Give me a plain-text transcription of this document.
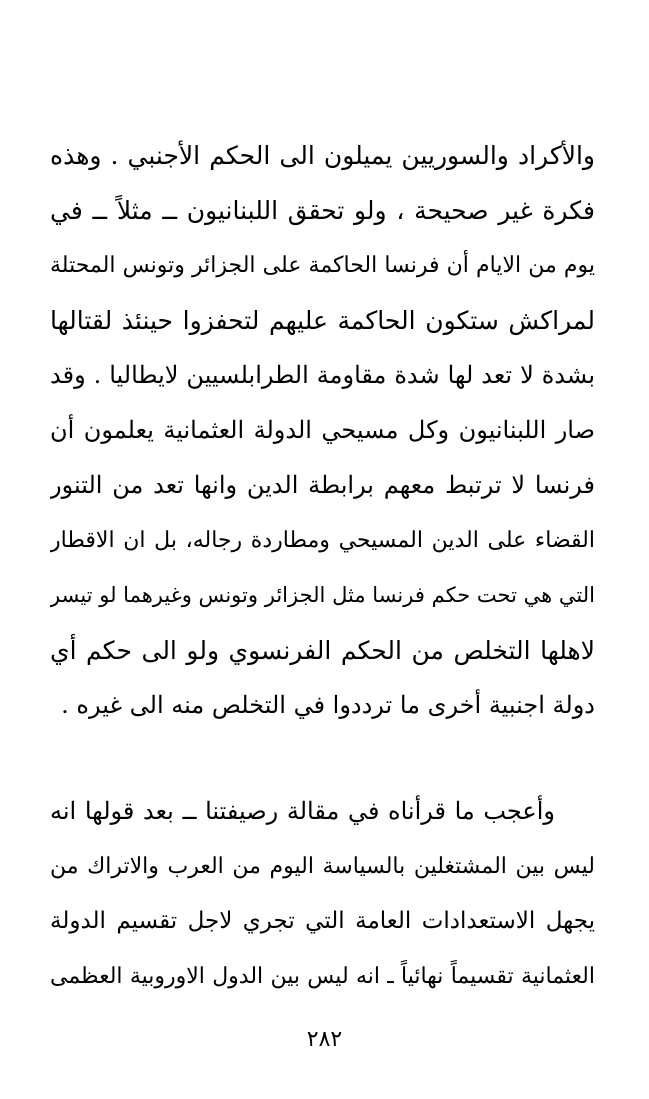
والأكراد والسوريين يميلون الى الحكم الأجنبي . وهذه
فكرة غير صحيحة ، ولو تحقق اللبنانيون ــ مثلاً ــ في
يوم من الايام أن فرنسا الحاكمة على الجزائر وتونس المحتلة
لمراكش ستكون الحاكمة عليهم لتحفزوا حينئذ لقتالها
بشدة لا تعد لها شدة مقاومة الطرابلسيين لايطاليا . وقد
صار اللبنانيون وكل مسيحي الدولة العثمانية يعلمون أن
فرنسا لا ترتبط معهم برابطة الدين وانها تعد من التنور
القضاء على الدين المسيحي ومطاردة رجاله، بل ان الاقطار
التي هي تحت حكم فرنسا مثل الجزائر وتونس وغيرهما لو تيسر
لاهلها التخلص من الحكم الفرنسوي ولو الى حكم أي
دولة اجنبية أخرى ما ترددوا في التخلص منه الى غيره .
وأعجب ما قرأناه في مقالة رصيفتنا ــ بعد قولها انه
ليس بين المشتغلين بالسياسة اليوم من العرب والاتراك من
يجهل الاستعدادات العامة التي تجري لاجل تقسيم الدولة
العثمانية تقسيماً نهائياً ـ انه ليس بين الدول الاوروبية العظمى
٢٨٢
